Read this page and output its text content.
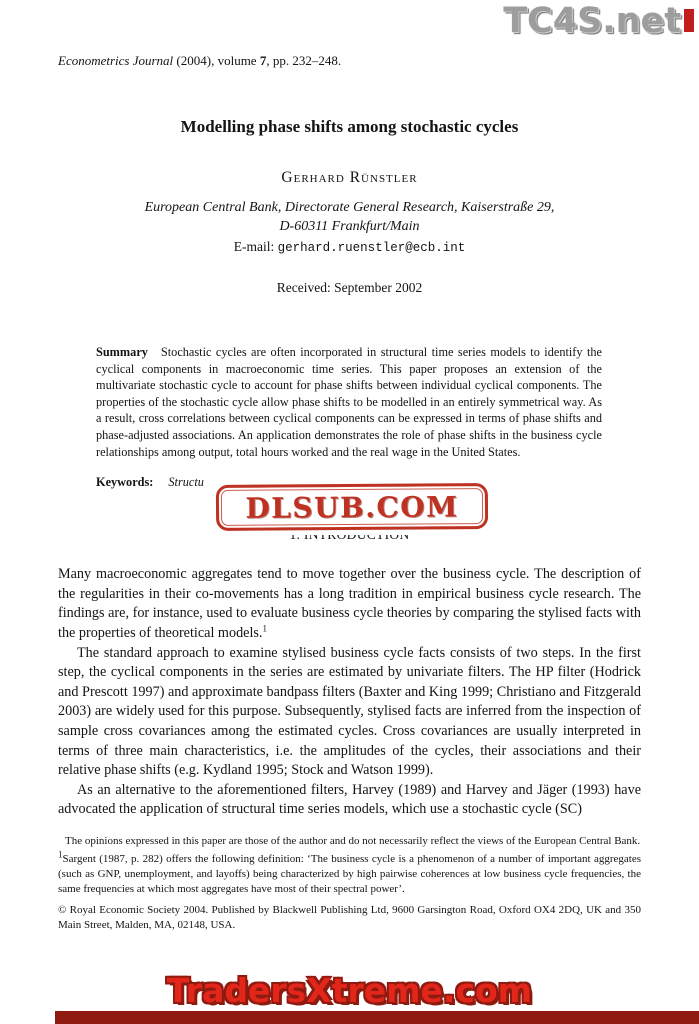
TC4S.net

Econometrics Journal (2004), volume 7, pp. 232–248.

Modelling phase shifts among stochastic cycles
Gerhard Rünstler
European Central Bank, Directorate General Research, Kaiserstraße 29,
D-60311 Frankfurt/Main
E-mail: gerhard.ruenstler@ecb.int
Received: September 2002

Summary Stochastic cycles are often incorporated in structural time series models to identify the cyclical components in macroeconomic time series. This paper proposes an extension of the multivariate stochastic cycle to account for phase shifts between individual cyclical components. The properties of the stochastic cycle allow phase shifts to be modelled in an entirely symmetrical way. As a result, cross correlations between cyclical components can be expressed in terms of phase shifts and phase-adjusted associations. An application demonstrates the role of phase shifts in the business cycle relationships among output, total hours worked and the real wage in the United States.

Keywords: Structu

Many macroeconomic aggregates tend to move together over the business cycle. The description of the regularities in their co-movements has a long tradition in empirical business cycle research. The findings are, for instance, used to evaluate business cycle theories by comparing the stylised facts with the properties of theoretical models.$^1$

The standard approach to examine stylised business cycle facts consists of two steps. In the first step, the cyclical components in the series are estimated by univariate filters. The HP filter (Hodrick and Prescott 1997) and approximate bandpass filters (Baxter and King 1999; Christiano and Fitzgerald 2003) are widely used for this purpose. Subsequently, stylised facts are inferred from the inspection of sample cross covariances among the estimated cycles. Cross covariances are usually interpreted in terms of three main characteristics, i.e. the amplitudes of the cycles, their associations and their relative phase shifts (e.g. Kydland 1995; Stock and Watson 1999).

As an alternative to the aforementioned filters, Harvey (1989) and Harvey and Jäger (1993) have advocated the application of structural time series models, which use a stochastic cycle (SC)

The opinions expressed in this paper are those of the author and do not necessarily reflect the views of the European Central Bank.

$^1$Sargent (1987, p. 282) offers the following definition: ‘The business cycle is a phenomenon of a number of important aggregates (such as GNP, unemployment, and layoffs) being characterized by high pairwise coherences at low business cycle frequencies, the same frequencies at which most aggregates have most of their spectral power’.

© Royal Economic Society 2004. Published by Blackwell Publishing Ltd, 9600 Garsington Road, Oxford OX4 2DQ, UK and 350 Main Street, Malden, MA, 02148, USA.

DLSUB.COM
TradersXtreme.com
